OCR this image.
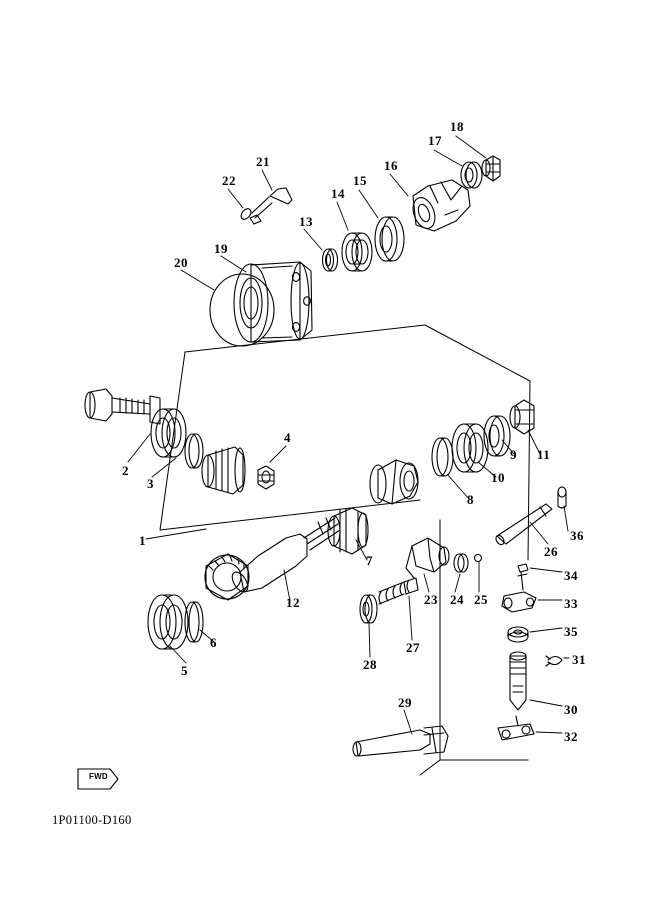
1
2
3
4
5
6
7
8
9
10
11
12
13
14
15
16
17
18
19
20
21
22
23 24 25
26
27
28
29	30
31
32
33
34
35
36
FWD
1P01100-D160
